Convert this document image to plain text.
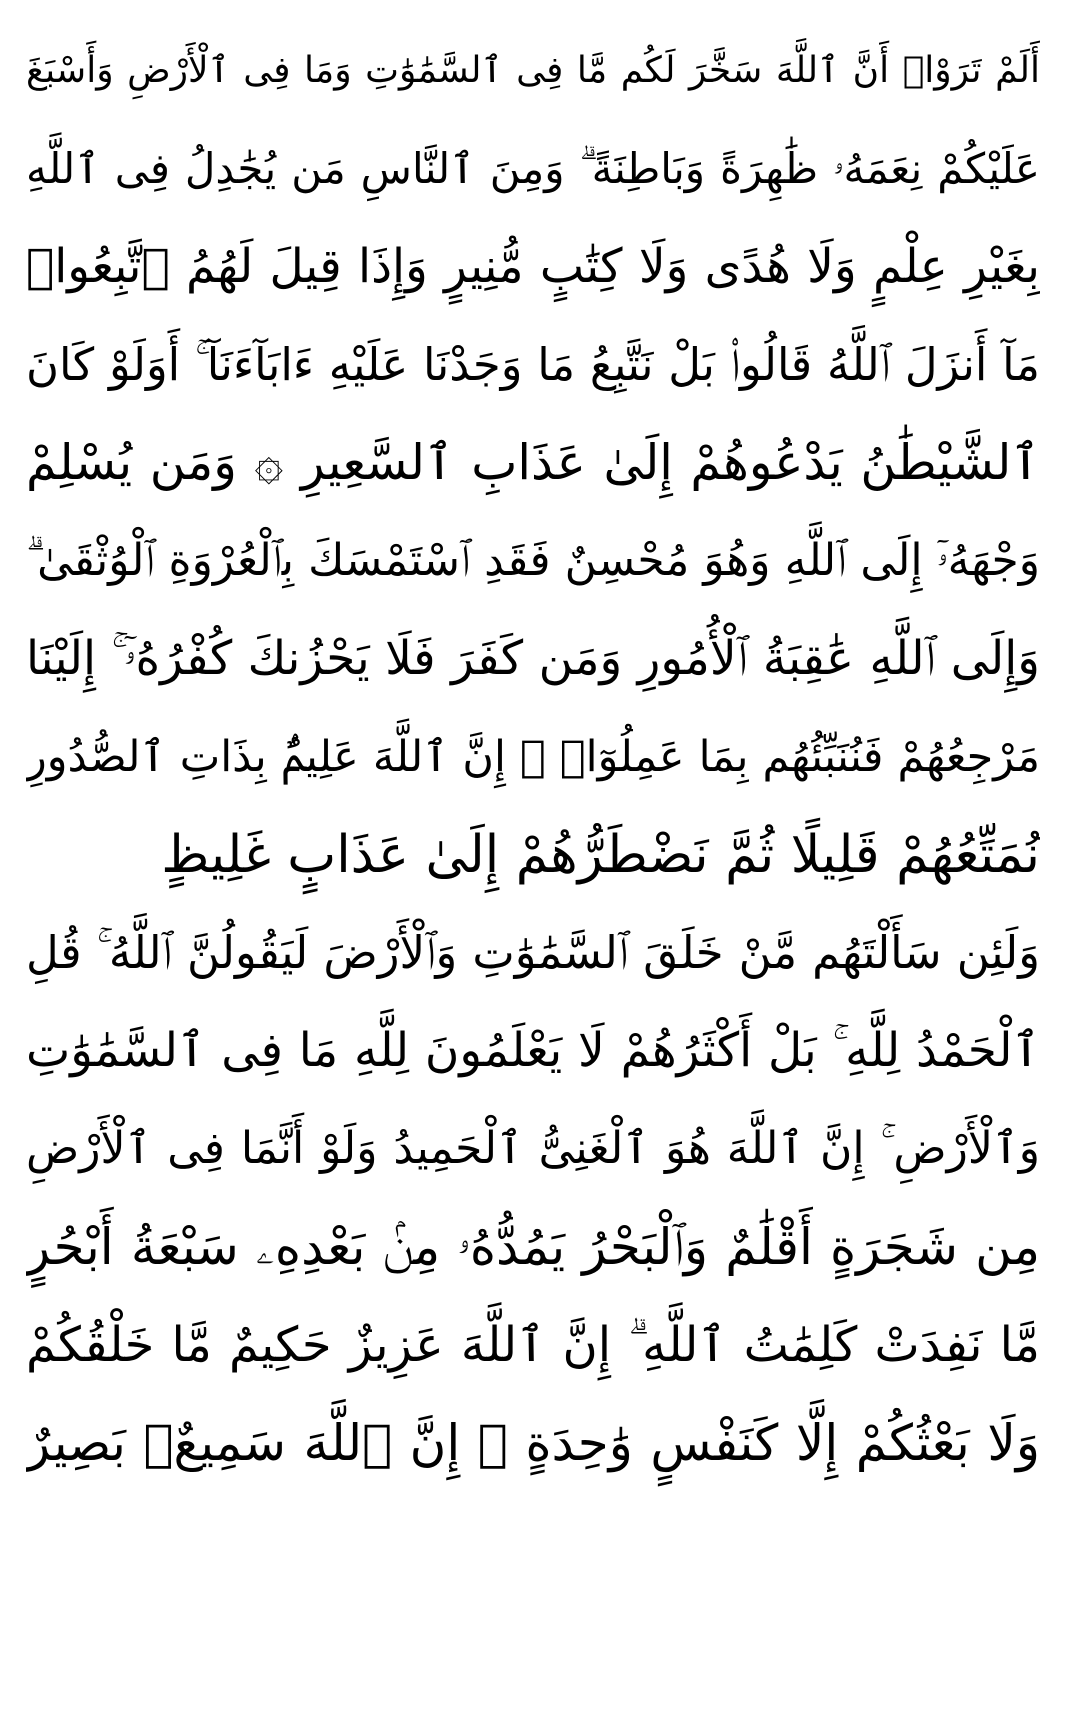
أَلَمْ تَرَوْا۟ أَنَّ ٱللَّهَ سَخَّرَ لَكُم مَّا فِى ٱلسَّمَٰوَٰتِ وَمَا فِى ٱلْأَرْضِ وَأَسْبَغَ
عَلَيْكُمْ نِعَمَهُۥ ظَٰهِرَةً وَبَاطِنَةً ۗ وَمِنَ ٱلنَّاسِ مَن يُجَٰدِلُ فِى ٱللَّهِ
بِغَيْرِ عِلْمٍ وَلَا هُدًى وَلَا كِتَٰبٍ مُّنِيرٍ وَإِذَا قِيلَ لَهُمُ ٱتَّبِعُوا۟
مَآ أَنزَلَ ٱللَّهُ قَالُوا۟ بَلْ نَتَّبِعُ مَا وَجَدْنَا عَلَيْهِ ءَابَآءَنَآ ۚ أَوَلَوْ كَانَ
ٱلشَّيْطَٰنُ يَدْعُوهُمْ إِلَىٰ عَذَابِ ٱلسَّعِيرِ ۞ وَمَن يُسْلِمْ
وَجْهَهُۥٓ إِلَى ٱللَّهِ وَهُوَ مُحْسِنٌ فَقَدِ ٱسْتَمْسَكَ بِٱلْعُرْوَةِ ٱلْوُثْقَىٰ ۗ
وَإِلَى ٱللَّهِ عَٰقِبَةُ ٱلْأُمُورِ وَمَن كَفَرَ فَلَا يَحْزُنكَ كُفْرُهُۥٓ ۚ إِلَيْنَا
مَرْجِعُهُمْ فَنُنَبِّئُهُم بِمَا عَمِلُوٓا۟ ۚ إِنَّ ٱللَّهَ عَلِيمٌۢ بِذَاتِ ٱلصُّدُورِ
نُمَتِّعُهُمْ قَلِيلًا ثُمَّ نَضْطَرُّهُمْ إِلَىٰ عَذَابٍ غَلِيظٍ
وَلَئِن سَأَلْتَهُم مَّنْ خَلَقَ ٱلسَّمَٰوَٰتِ وَٱلْأَرْضَ لَيَقُولُنَّ ٱللَّهُ ۚ قُلِ
ٱلْحَمْدُ لِلَّهِ ۚ بَلْ أَكْثَرُهُمْ لَا يَعْلَمُونَ لِلَّهِ مَا فِى ٱلسَّمَٰوَٰتِ
وَٱلْأَرْضِ ۚ إِنَّ ٱللَّهَ هُوَ ٱلْغَنِىُّ ٱلْحَمِيدُ وَلَوْ أَنَّمَا فِى ٱلْأَرْضِ
مِن شَجَرَةٍ أَقْلَٰمٌ وَٱلْبَحْرُ يَمُدُّهُۥ مِنۢ بَعْدِهِۦ سَبْعَةُ أَبْحُرٍ
مَّا نَفِدَتْ كَلِمَٰتُ ٱللَّهِ ۗ إِنَّ ٱللَّهَ عَزِيزٌ حَكِيمٌ مَّا خَلْقُكُمْ
وَلَا بَعْثُكُمْ إِلَّا كَنَفْسٍ وَٰحِدَةٍ ۗ إِنَّ ٱللَّهَ سَمِيعٌۢ بَصِيرٌ
